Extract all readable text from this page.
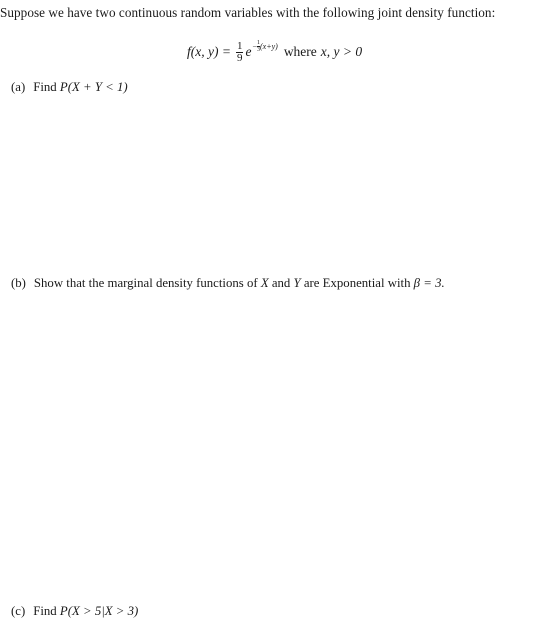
Suppose we have two continuous random variables with the following joint density function:
f(x, $y) = \frac{1}{9}$ $e - \frac{1}{3} (x+y)$ where x, y > 0
(a) Find P(X + Y < 1)
(b) Show that the marginal density functions of X and Y are Exponential with β = 3.
(c) Find P(X > 5|X > 3)
